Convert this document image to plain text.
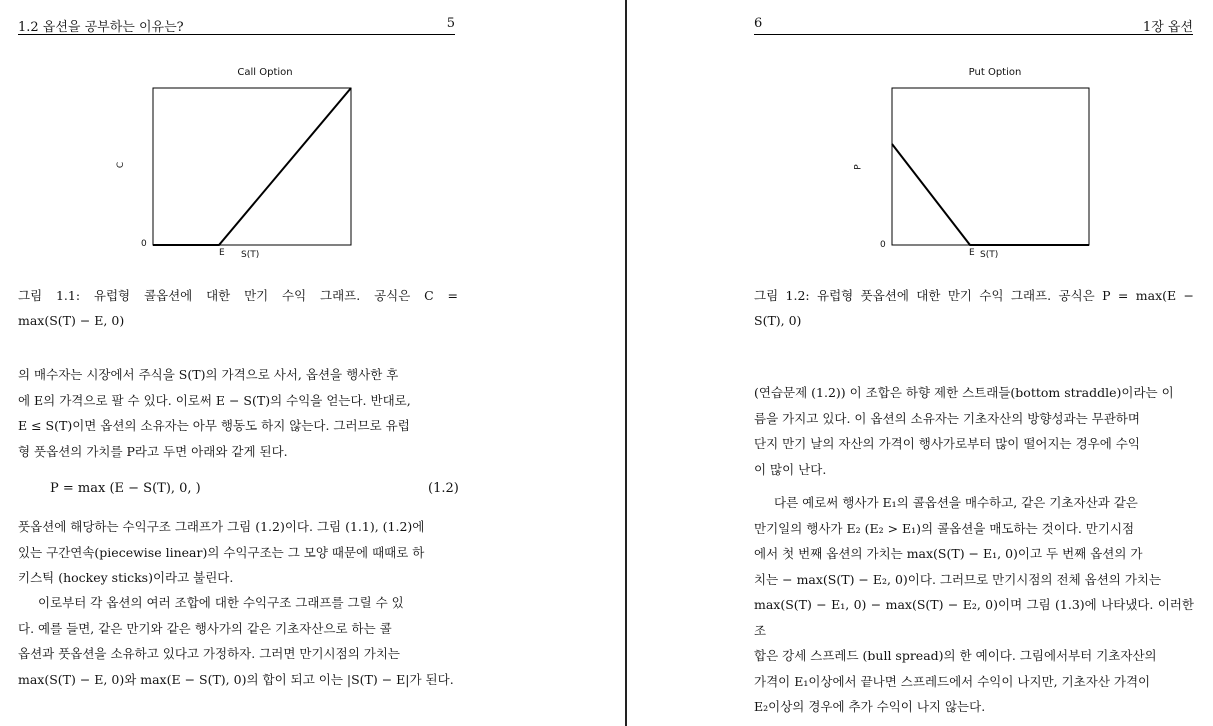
1.2 옵션을 공부하는 이유는?	5
Call Option
C
0
E S(T)
그림 1.1: 유럽형 콜옵션에 대한 만기 수익 그래프. 공식은 C =
max(S(T) − E, 0)
의 매수자는 시장에서 주식을 S(T)의 가격으로 사서, 옵션을 행사한 후
에 E의 가격으로 팔 수 있다. 이로써 E − S(T)의 수익을 얻는다. 반대로,
E ≤ S(T)이면 옵션의 소유자는 아무 행동도 하지 않는다. 그러므로 유럽
형 풋옵션의 가치를 P라고 두면 아래와 같게 된다.
P = max (E − S(T), 0, )	(1.2)
풋옵션에 해당하는 수익구조 그래프가 그림 (1.2)이다. 그림 (1.1), (1.2)에
있는 구간연속(piecewise linear)의 수익구조는 그 모양 때문에 때때로 하
키스틱 (hockey sticks)이라고 불린다.
이로부터 각 옵션의 여러 조합에 대한 수익구조 그래프를 그릴 수 있
다. 예를 들면, 같은 만기와 같은 행사가의 같은 기초자산으로 하는 콜
옵션과 풋옵션을 소유하고 있다고 가정하자. 그러면 만기시점의 가치는
max(S(T) − E, 0)와 max(E − S(T), 0)의 합이 되고 이는 |S(T) − E|가 된다.
6	1장 옵션
Put Option
P
0
E S(T)
그림 1.2: 유럽형 풋옵션에 대한 만기 수익 그래프. 공식은 P = max(E −
S(T), 0)
(연습문제 (1.2)) 이 조합은 하향 제한 스트래들(bottom straddle)이라는 이
름을 가지고 있다. 이 옵션의 소유자는 기초자산의 방향성과는 무관하며
단지 만기 날의 자산의 가격이 행사가로부터 많이 떨어지는 경우에 수익
이 많이 난다.
다른 예로써 행사가 E₁의 콜옵션을 매수하고, 같은 기초자산과 같은
만기일의 행사가 E₂ (E₂ > E₁)의 콜옵션을 매도하는 것이다. 만기시점
에서 첫 번째 옵션의 가치는 max(S(T) − E₁, 0)이고 두 번째 옵션의 가
치는 − max(S(T) − E₂, 0)이다. 그러므로 만기시점의 전체 옵션의 가치는
max(S(T) − E₁, 0) − max(S(T) − E₂, 0)이며 그림 (1.3)에 나타냈다. 이러한 조
합은 강세 스프레드 (bull spread)의 한 예이다. 그림에서부터 기초자산의
가격이 E₁이상에서 끝나면 스프레드에서 수익이 나지만, 기초자산 가격이
E₂이상의 경우에 추가 수익이 나지 않는다.
